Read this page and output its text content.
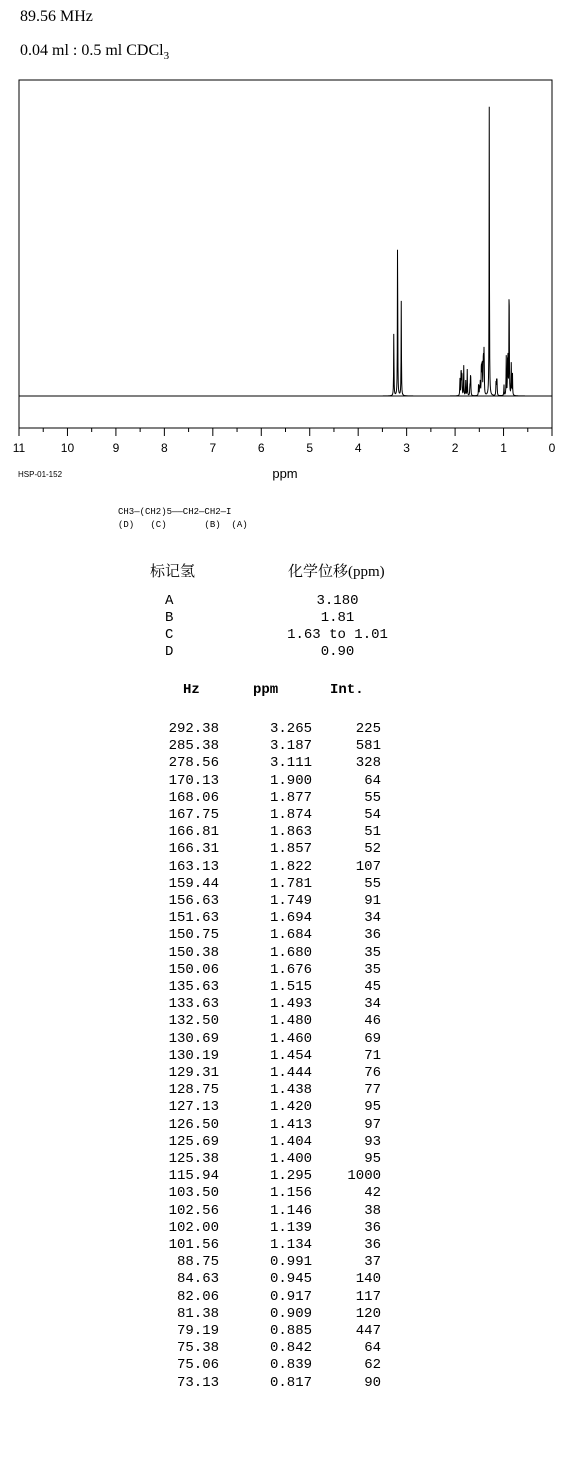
89.56 MHz
0.04 ml : 0.5 ml CDCl$_3$
11	10	9	8	7	6	5	4	3	2	1	0
ppm
HSP-01-152
CH3—(CH2)5——CH2—CH2—I
(D)   (C)       (B)  (A)
标记氢	化学位移(ppm)
A	3.180
B	1.81
C	1.63 to 1.01
D	0.90
Hz	ppm	Int.
292.38	3.265	225
285.38	3.187	581
278.56	3.111	328
170.13	1.900	64
168.06	1.877	55
167.75	1.874	54
166.81	1.863	51
166.31	1.857	52
163.13	1.822	107
159.44	1.781	55
156.63	1.749	91
151.63	1.694	34
150.75	1.684	36
150.38	1.680	35
150.06	1.676	35
135.63	1.515	45
133.63	1.493	34
132.50	1.480	46
130.69	1.460	69
130.19	1.454	71
129.31	1.444	76
128.75	1.438	77
127.13	1.420	95
126.50	1.413	97
125.69	1.404	93
125.38	1.400	95
115.94	1.295	1000
103.50	1.156	42
102.56	1.146	38
102.00	1.139	36
101.56	1.134	36
88.75	0.991	37
84.63	0.945	140
82.06	0.917	117
81.38	0.909	120
79.19	0.885	447
75.38	0.842	64
75.06	0.839	62
73.13	0.817	90
